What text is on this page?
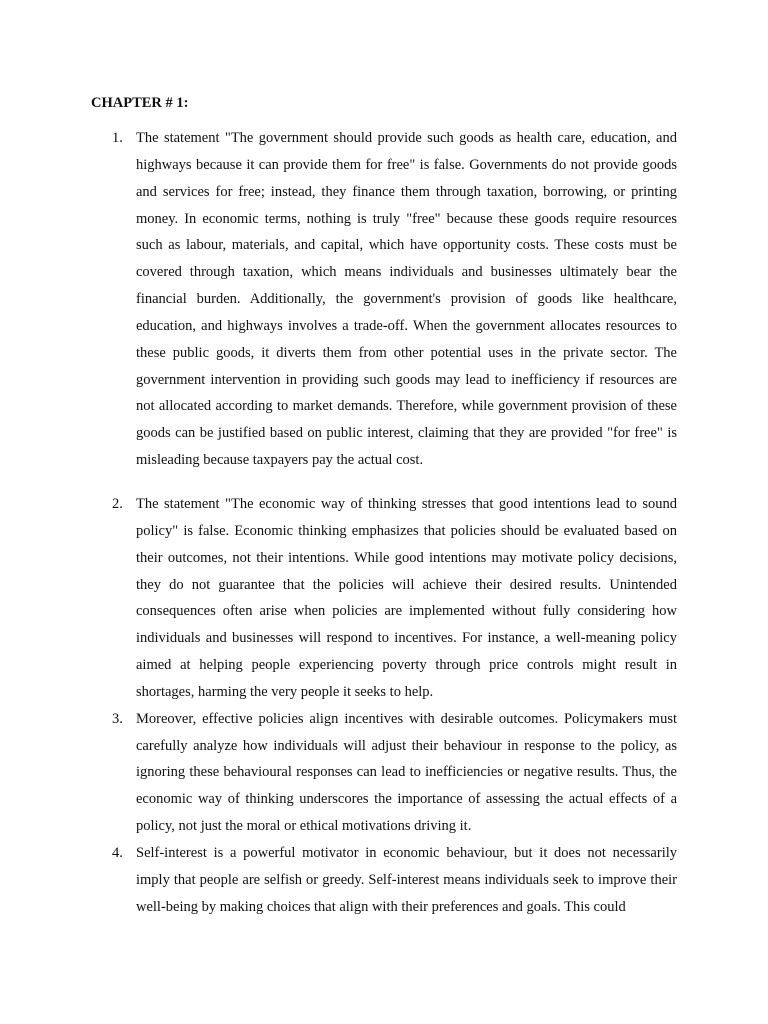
CHAPTER # 1:
1. The statement "The government should provide such goods as health care, education, and highways because it can provide them for free" is false. Governments do not provide goods and services for free; instead, they finance them through taxation, borrowing, or printing money. In economic terms, nothing is truly "free" because these goods require resources such as labour, materials, and capital, which have opportunity costs. These costs must be covered through taxation, which means individuals and businesses ultimately bear the financial burden. Additionally, the government's provision of goods like healthcare, education, and highways involves a trade-off. When the government allocates resources to these public goods, it diverts them from other potential uses in the private sector. The government intervention in providing such goods may lead to inefficiency if resources are not allocated according to market demands. Therefore, while government provision of these goods can be justified based on public interest, claiming that they are provided "for free" is misleading because taxpayers pay the actual cost.
2. The statement "The economic way of thinking stresses that good intentions lead to sound policy" is false. Economic thinking emphasizes that policies should be evaluated based on their outcomes, not their intentions. While good intentions may motivate policy decisions, they do not guarantee that the policies will achieve their desired results. Unintended consequences often arise when policies are implemented without fully considering how individuals and businesses will respond to incentives. For instance, a well-meaning policy aimed at helping people experiencing poverty through price controls might result in shortages, harming the very people it seeks to help.
3. Moreover, effective policies align incentives with desirable outcomes. Policymakers must carefully analyze how individuals will adjust their behaviour in response to the policy, as ignoring these behavioural responses can lead to inefficiencies or negative results. Thus, the economic way of thinking underscores the importance of assessing the actual effects of a policy, not just the moral or ethical motivations driving it.
4. Self-interest is a powerful motivator in economic behaviour, but it does not necessarily imply that people are selfish or greedy. Self-interest means individuals seek to improve their well-being by making choices that align with their preferences and goals. This could
